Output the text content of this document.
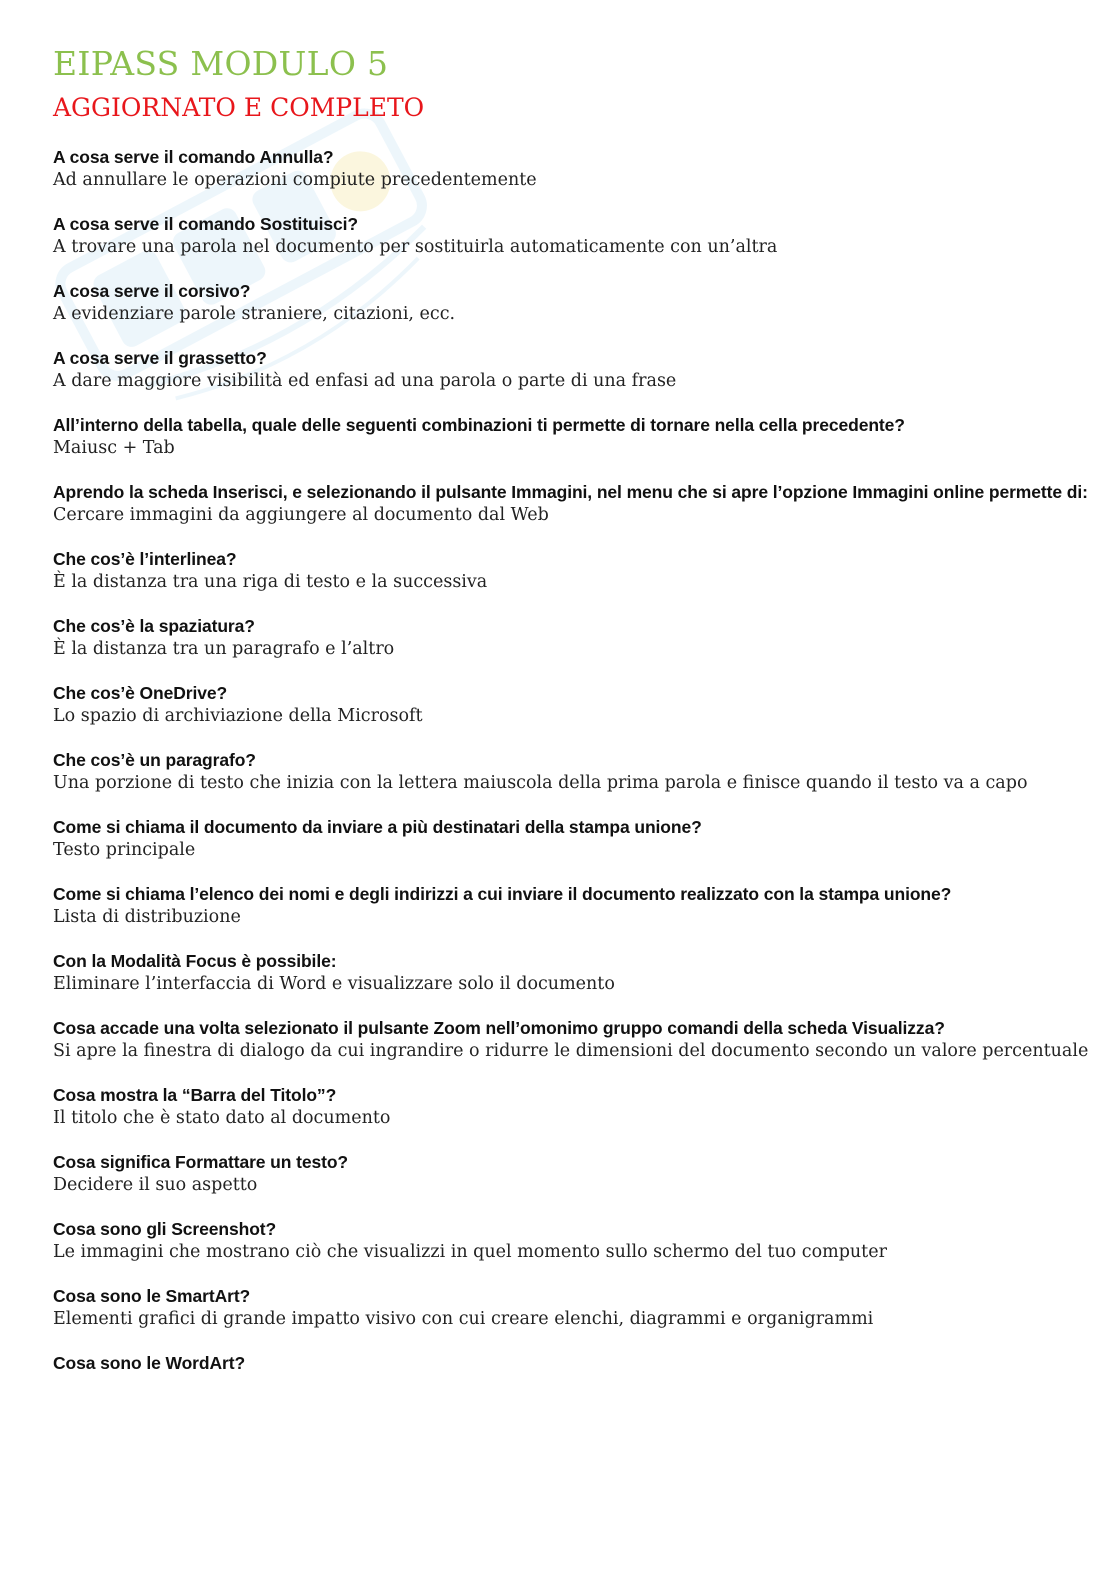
EIPASS MODULO 5
AGGIORNATO E COMPLETO
A cosa serve il comando Annulla?
Ad annullare le operazioni compiute precedentemente
A cosa serve il comando Sostituisci?
A trovare una parola nel documento per sostituirla automaticamente con un’altra
A cosa serve il corsivo?
A evidenziare parole straniere, citazioni, ecc.
A cosa serve il grassetto?
A dare maggiore visibilità ed enfasi ad una parola o parte di una frase
All’interno della tabella, quale delle seguenti combinazioni ti permette di tornare nella cella precedente?
Maiusc + Tab
Aprendo la scheda Inserisci, e selezionando il pulsante Immagini, nel menu che si apre l’opzione Immagini online permette di:
Cercare immagini da aggiungere al documento dal Web
Che cos’è l’interlinea?
È la distanza tra una riga di testo e la successiva
Che cos’è la spaziatura?
È la distanza tra un paragrafo e l’altro
Che cos’è OneDrive?
Lo spazio di archiviazione della Microsoft
Che cos’è un paragrafo?
Una porzione di testo che inizia con la lettera maiuscola della prima parola e finisce quando il testo va a capo
Come si chiama il documento da inviare a più destinatari della stampa unione?
Testo principale
Come si chiama l’elenco dei nomi e degli indirizzi a cui inviare il documento realizzato con la stampa unione?
Lista di distribuzione
Con la Modalità Focus è possibile:
Eliminare l’interfaccia di Word e visualizzare solo il documento
Cosa accade una volta selezionato il pulsante Zoom nell’omonimo gruppo comandi della scheda Visualizza?
Si apre la finestra di dialogo da cui ingrandire o ridurre le dimensioni del documento secondo un valore percentuale
Cosa mostra la “Barra del Titolo”?
Il titolo che è stato dato al documento
Cosa significa Formattare un testo?
Decidere il suo aspetto
Cosa sono gli Screenshot?
Le immagini che mostrano ciò che visualizzi in quel momento sullo schermo del tuo computer
Cosa sono le SmartArt?
Elementi grafici di grande impatto visivo con cui creare elenchi, diagrammi e organigrammi
Cosa sono le WordArt?
